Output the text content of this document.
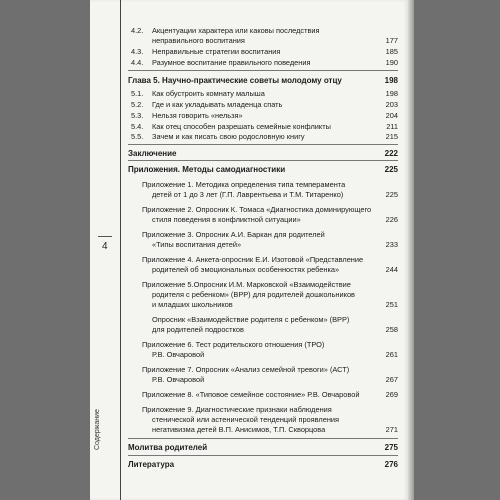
4
Содержание
4.2. Акцентуации характера или каковы последствия
неправильного воспитания	177
4.3. Неправильные стратегии воспитания	185
4.4. Разумное воспитание правильного поведения	190
Глава 5. Научно-практические советы молодому отцу	198
5.1. Как обустроить комнату малыша	198
5.2. Где и как укладывать младенца спать	203
5.3. Нельзя говорить «нельзя»	204
5.4. Как отец способен разрешать семейные конфликты	211
5.5. Зачем и как писать свою родословную книгу	215
Заключение	222
Приложения. Методы самодиагностики	225
Приложение 1. Методика определения типа темперамента
детей от 1 до 3 лет (Г.П. Лаврентьева и Т.М. Титаренко)	225
Приложение 2. Опросник К. Томаса «Диагностика доминирующего
стиля поведения в конфликтной ситуации»	226
Приложение 3. Опросник А.И. Баркан для родителей
«Типы воспитания детей»	233
Приложение 4. Анкета-опросник Е.И. Изотовой «Представление
родителей об эмоциональных особенностях ребенка»	244
Приложение 5.Опросник И.М. Марковской «Взаимодействие
родителя с ребенком» (ВРР) для родителей дошкольников
и младших школьников	251
Опросник «Взаимодействие родителя с ребенком» (ВРР)
для родителей подростков	258
Приложение 6. Тест родительского отношения (ТРО)
Р.В. Овчаровой	261
Приложение 7. Опросник «Анализ семейной тревоги» (АСТ)
Р.В. Овчаровой	267
Приложение 8. «Типовое семейное состояние» Р.В. Овчаровой	269
Приложение 9. Диагностические признаки наблюдения
стенической или астенической тенденций проявления
негативизма детей В.П. Анисимов, Т.П. Скворцова	271
Молитва родителей	275
Литература	276
